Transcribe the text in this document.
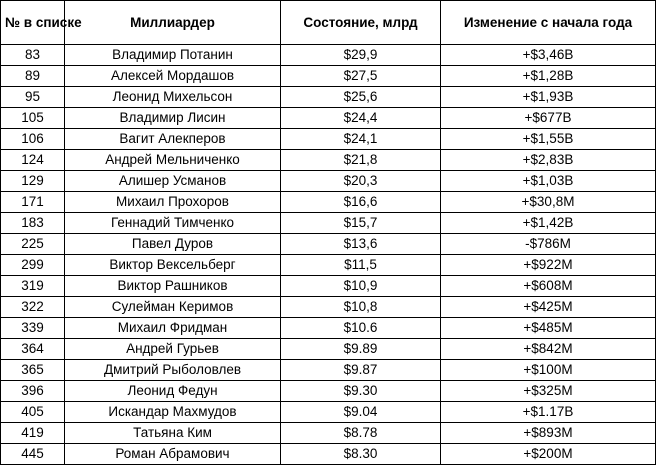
№ в списке	Миллиардер	Состояние, млрд	Изменение с начала года
83	Владимир Потанин	$29,9	+$3,46B
89	Алексей Мордашов	$27,5	+$1,28B
95	Леонид Михельсон	$25,6	+$1,93B
105	Владимир Лисин	$24,4	+$677B
106	Вагит Алекперов	$24,1	+$1,55B
124	Андрей Мельниченко	$21,8	+$2,83B
129	Алишер Усманов	$20,3	+$1,03B
171	Михаил Прохоров	$16,6	+$30,8M
183	Геннадий Тимченко	$15,7	+$1,42B
225	Павел Дуров	$13,6	-$786M
299	Виктор Вексельберг	$11,5	+$922M
319	Виктор Рашников	$10,9	+$608M
322	Сулейман Керимов	$10,8	+$425M
339	Михаил Фридман	$10.6	+$485M
364	Андрей Гурьев	$9.89	+$842M
365	Дмитрий Рыболовлев	$9.87	+$100M
396	Леонид Федун	$9.30	+$325M
405	Искандар Махмудов	$9.04	+$1.17B
419	Татьяна Ким	$8.78	+$893M
445	Роман Абрамович	$8.30	+$200M
